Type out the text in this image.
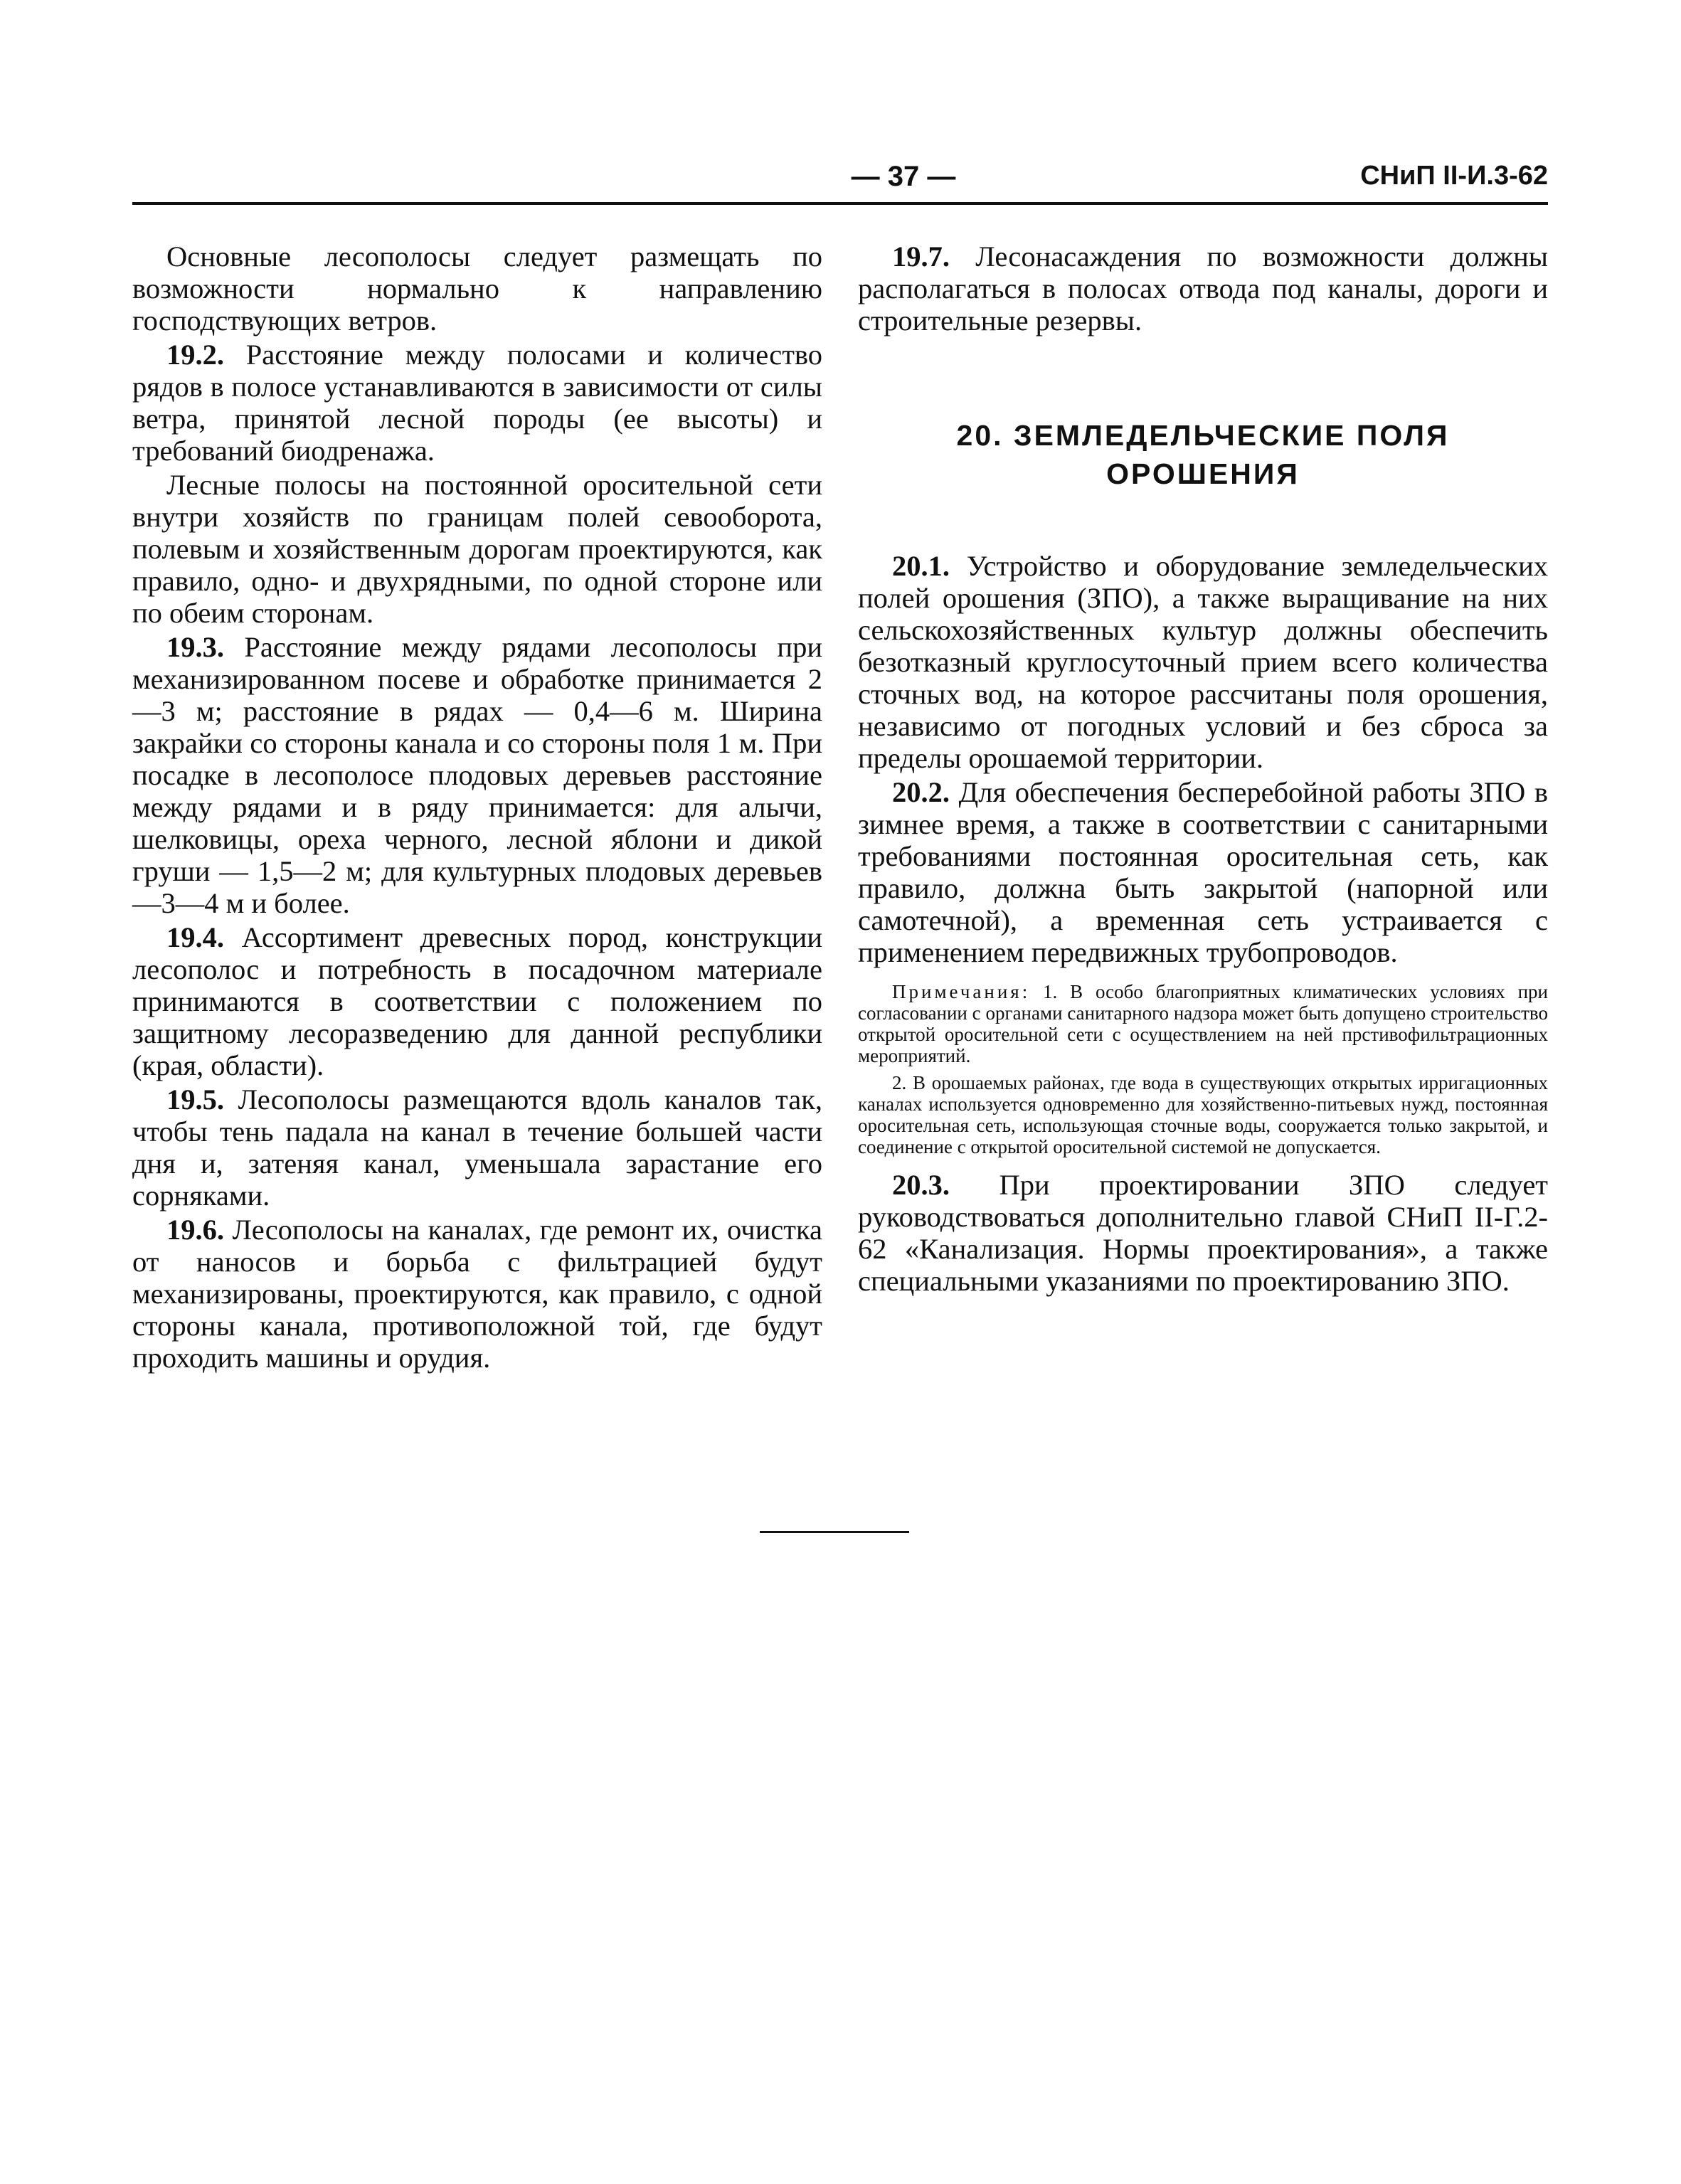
— 37 —	СНиП II-И.3-62

Основные лесополосы следует размещать по возможности нормально к направлению господствующих ветров.

19.2. Расстояние между полосами и количество рядов в полосе устанавливаются в зависимости от силы ветра, принятой лесной породы (ее высоты) и требований биодренажа.

Лесные полосы на постоянной оросительной сети внутри хозяйств по границам полей севооборота, полевым и хозяйственным дорогам проектируются, как правило, одно- и двухрядными, по одной стороне или по обеим сторонам.

19.3. Расстояние между рядами лесополосы при механизированном посеве и обработке принимается 2—3 м; расстояние в рядах — 0,4—6 м. Ширина закрайки со стороны канала и со стороны поля 1 м. При посадке в лесополосе плодовых деревьев расстояние между рядами и в ряду принимается: для алычи, шелковицы, ореха черного, лесной яблони и дикой груши — 1,5—2 м; для культурных плодовых деревьев —3—4 м и более.

19.4. Ассортимент древесных пород, конструкции лесополос и потребность в посадочном материале принимаются в соответствии с положением по защитному лесоразведению для данной республики (края, области).

19.5. Лесополосы размещаются вдоль каналов так, чтобы тень падала на канал в течение большей части дня и, затеняя канал, уменьшала зарастание его сорняками.

19.6. Лесополосы на каналах, где ремонт их, очистка от наносов и борьба с фильтрацией будут механизированы, проектируются, как правило, с одной стороны канала, противоположной той, где будут проходить машины и орудия.

19.7. Лесонасаждения по возможности должны располагаться в полосах отвода под каналы, дороги и строительные резервы.

20. ЗЕМЛЕДЕЛЬЧЕСКИЕ ПОЛЯ
ОРОШЕНИЯ

20.1. Устройство и оборудование земледельческих полей орошения (ЗПО), а также выращивание на них сельскохозяйственных культур должны обеспечить безотказный круглосуточный прием всего количества сточных вод, на которое рассчитаны поля орошения, независимо от погодных условий и без сброса за пределы орошаемой территории.

20.2. Для обеспечения бесперебойной работы ЗПО в зимнее время, а также в соответствии с санитарными требованиями постоянная оросительная сеть, как правило, должна быть закрытой (напорной или самотечной), а временная сеть устраивается с применением передвижных трубопроводов.

Примечания: 1. В особо благоприятных климатических условиях при согласовании с органами санитарного надзора может быть допущено строительство открытой оросительной сети с осуществлением на ней прстивофильтрационных мероприятий.

2. В орошаемых районах, где вода в существующих открытых ирригационных каналах используется одновременно для хозяйственно-питьевых нужд, постоянная оросительная сеть, использующая сточные воды, сооружается только закрытой, и соединение с открытой оросительной системой не допускается.

20.3. При проектировании ЗПО следует руководствоваться дополнительно главой СНиП II-Г.2-62 «Канализация. Нормы проектирования», а также специальными указаниями по проектированию ЗПО.
